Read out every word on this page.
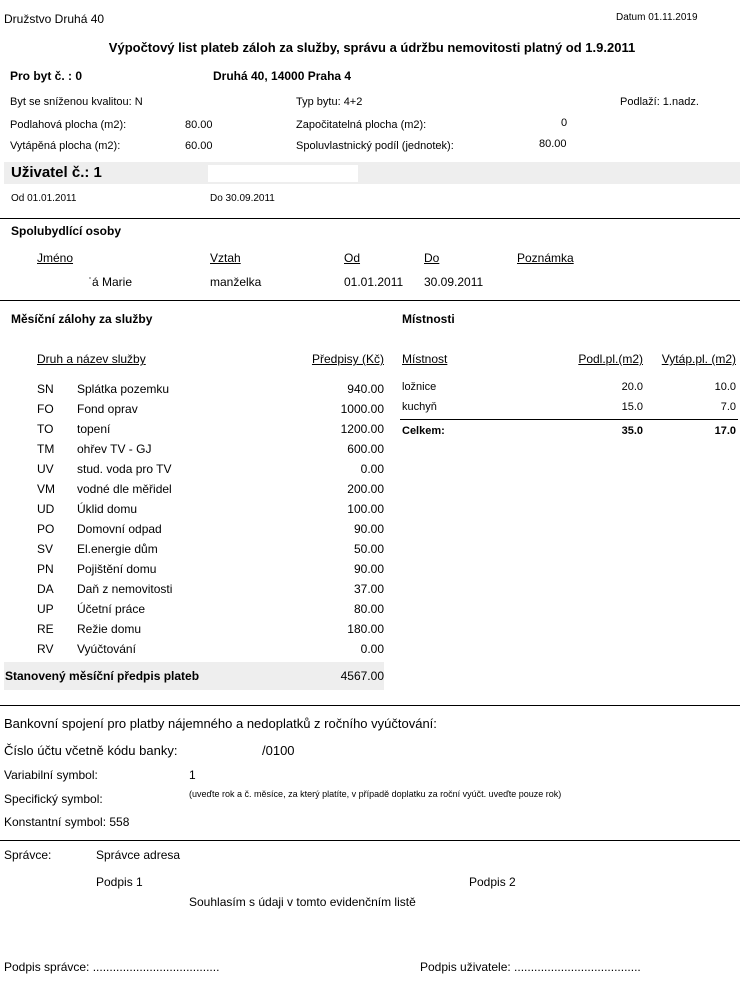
Družstvo Druhá 40	Datum 01.11.2019
Výpočtový list plateb záloh za služby, správu a údržbu nemovitosti platný od 1.9.2011
Pro byt č. : 0	Druhá 40, 14000 Praha 4
Byt se sníženou kvalitou: N	Typ bytu: 4+2	Podlaží: 1.nadz.
Podlahová plocha (m2):	80.00	Započitatelná plocha (m2):	0
Vytápěná plocha (m2):	60.00	Spoluvlastnický podíl (jednotek):	80.00
Uživatel č.: 1
Od 01.01.2011	Do 30.09.2011
Spolubydlící osoby
Jméno	Vztah	Od	Do	Poznámka
ˈá Marie	manželka	01.01.2011 30.09.2011
Měsíční zálohy za služby
Druh a název služby	Předpisy (Kč)
SN Splátka pozemku	940.00
FO Fond oprav	1000.00
TO topení	1200.00
TM ohřev TV - GJ	600.00
UV stud. voda pro TV	0.00
VM vodné dle měřidel	200.00
UD Úklid domu	100.00
PO Domovní odpad	90.00
SV El.energie dům	50.00
PN Pojištění domu	90.00
DA Daň z nemovitosti	37.00
UP Účetní práce	80.00
RE Režie domu	180.00
RV Vyúčtování	0.00
Stanovený měsíční předpis plateb	4567.00
Místnosti
Místnost	Podl.pl.(m2)	Vytáp.pl. (m2)
ložnice	20.0	10.0
kuchyň	15.0	7.0
Celkem:	35.0	17.0
Bankovní spojení pro platby nájemného a nedoplatků z ročního vyúčtování:
Číslo účtu včetně kódu banky:	/0100
Variabilní symbol:	1
Specifický symbol:	(uveďte rok a č. měsíce, za který platíte, v případě doplatku za roční vyúčt. uveďte pouze rok)
Konstantní symbol: 558
Správce:	Správce adresa
Podpis 1	Podpis 2
Souhlasím s údaji v tomto evidenčním listě
Podpis správce: ......................................	Podpis uživatele: ......................................
